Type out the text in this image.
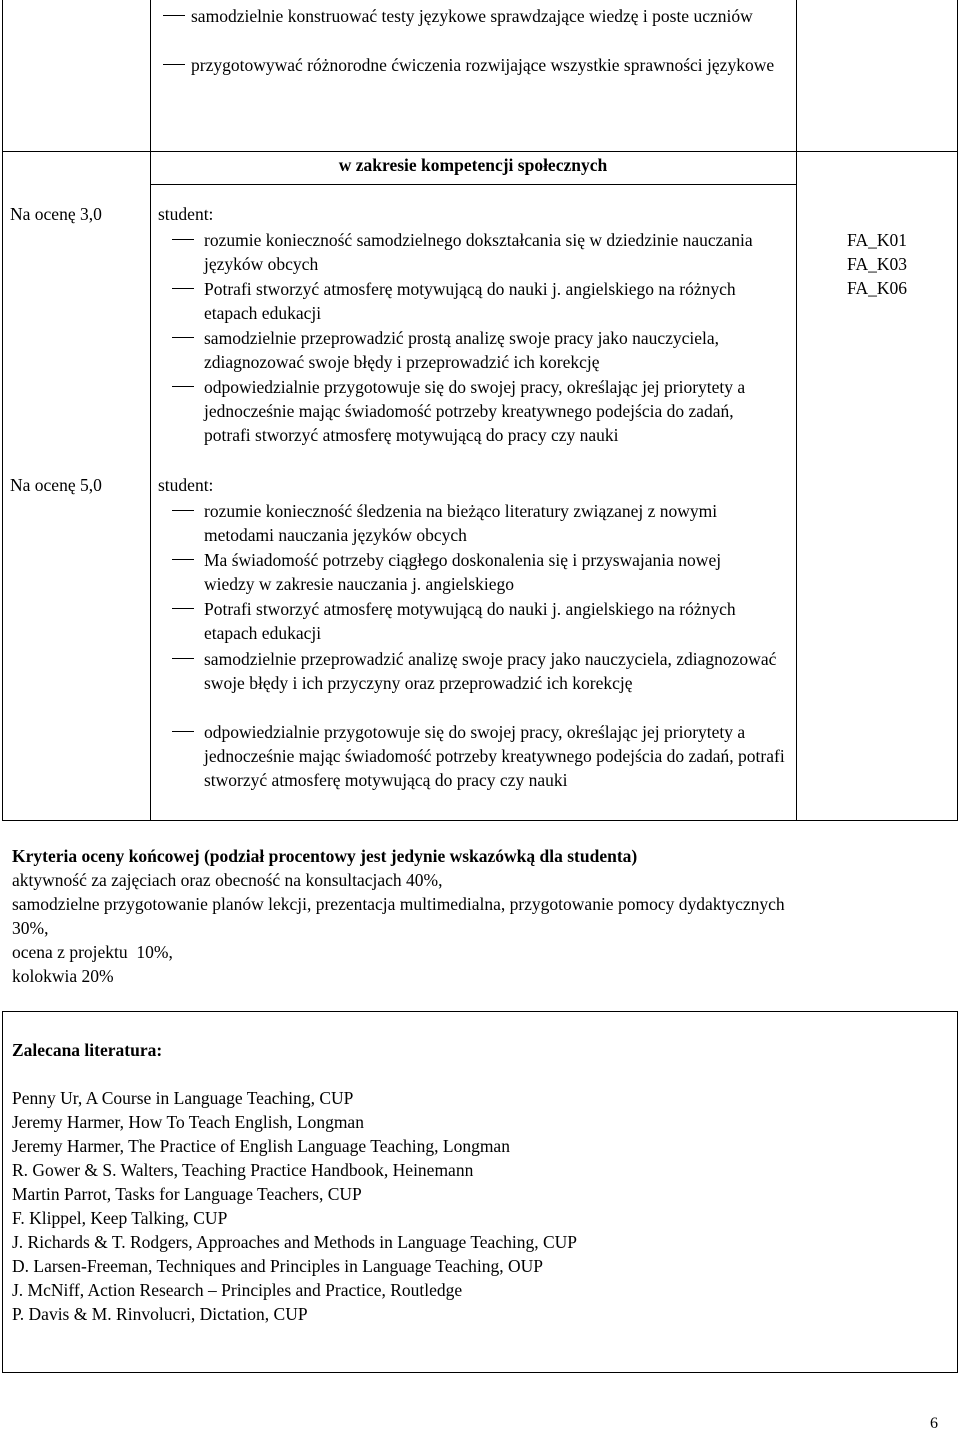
samodzielnie konstruować testy językowe sprawdzające wiedzę i poste uczniów
przygotowywać różnorodne ćwiczenia rozwijające wszystkie sprawności językowe
w zakresie kompetencji społecznych
Na ocenę 3,0	student:
rozumie konieczność samodzielnego dokształcania się w dziedzinie nauczania języków obcych
Potrafi stworzyć atmosferę motywującą do nauki j. angielskiego na różnych etapach edukacji
samodzielnie przeprowadzić prostą analizę swoje pracy jako nauczyciela, zdiagnozować swoje błędy i przeprowadzić ich korekcję
odpowiedzialnie przygotowuje się do swojej pracy, określając jej priorytety a jednocześnie mając świadomość potrzeby kreatywnego podejścia do zadań, potrafi stworzyć atmosferę motywującą do pracy czy nauki
FA_K01
FA_K03
FA_K06
Na ocenę 5,0	student:
rozumie konieczność śledzenia na bieżąco literatury związanej z nowymi metodami nauczania języków obcych
Ma świadomość potrzeby ciągłego doskonalenia się i przyswajania nowej wiedzy w zakresie nauczania j. angielskiego
Potrafi stworzyć atmosferę motywującą do nauki j. angielskiego na różnych etapach edukacji
samodzielnie przeprowadzić analizę swoje pracy jako nauczyciela, zdiagnozować swoje błędy i ich przyczyny oraz przeprowadzić ich korekcję
odpowiedzialnie przygotowuje się do swojej pracy, określając jej priorytety a jednocześnie mając świadomość potrzeby kreatywnego podejścia do zadań, potrafi stworzyć atmosferę motywującą do pracy czy nauki
Kryteria oceny końcowej (podział procentowy jest jedynie wskazówką dla studenta)
aktywność za zajęciach oraz obecność na konsultacjach 40%,
samodzielne przygotowanie planów lekcji, prezentacja multimedialna, przygotowanie pomocy dydaktycznych
30%,
ocena z projektu  10%,
kolokwia 20%
Zalecana literatura:
Penny Ur, A Course in Language Teaching, CUP
Jeremy Harmer, How To Teach English, Longman
Jeremy Harmer, The Practice of English Language Teaching, Longman
R. Gower & S. Walters, Teaching Practice Handbook, Heinemann
Martin Parrot, Tasks for Language Teachers, CUP
F. Klippel, Keep Talking, CUP
J. Richards & T. Rodgers, Approaches and Methods in Language Teaching, CUP
D. Larsen-Freeman, Techniques and Principles in Language Teaching, OUP
J. McNiff, Action Research – Principles and Practice, Routledge
P. Davis & M. Rinvolucri, Dictation, CUP
6
